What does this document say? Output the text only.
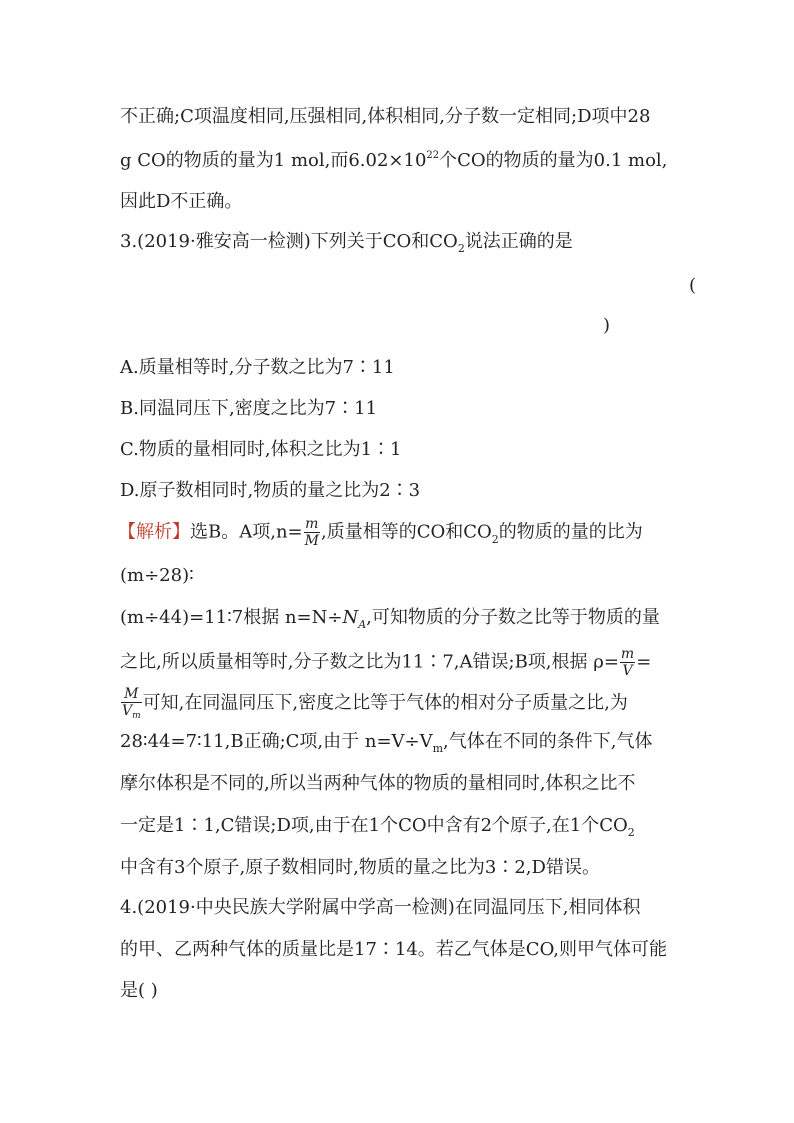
不正确;C项温度相同,压强相同,体积相同,分子数一定相同;D项中28
g CO的物质的量为1 mol,而$6.02\times 10^{22}$个CO的物质的量为0.1 mol,
因此D不正确。
3.(2019·雅安高一检测)下列关于CO和$CO_2$说法正确的是
(
)
A.质量相等时,分子数之比为7∶11
B.同温同压下,密度之比为7∶11
C.物质的量相同时,体积之比为1∶1
D.原子数相同时,物质的量之比为2∶3
【解析】选B。A项$,n= \frac{m}{M}$ ,质量相等的CO和$CO_2$的物质的量的比为
(m÷28)∶
(m÷44)=11∶7根据 $n=N\div N_A$,可知物质的分子数之比等于物质的量
之比,所以质量相等时,分子数之比为11∶7,A错误;B项,根据 $\rho= \frac{m}{V}$ =
$\frac{M}{V_m}$ 可知,在同温同压下,密度之比等于气体的相对分子质量之比,为
28∶44=7∶11,B正确;C项,由于 $n=V\div V_m$,气体在不同的条件下,气体
摩尔体积是不同的,所以当两种气体的物质的量相同时,体积之比不
一定是1∶1,C错误;D项,由于在1个CO中含有2个原子,在1个$CO_2$
中含有3个原子,原子数相同时,物质的量之比为3∶2,D错误。
4.(2019·中央民族大学附属中学高一检测)在同温同压下,相同体积
的甲、乙两种气体的质量比是17∶14。若乙气体是CO,则甲气体可能
是( )
